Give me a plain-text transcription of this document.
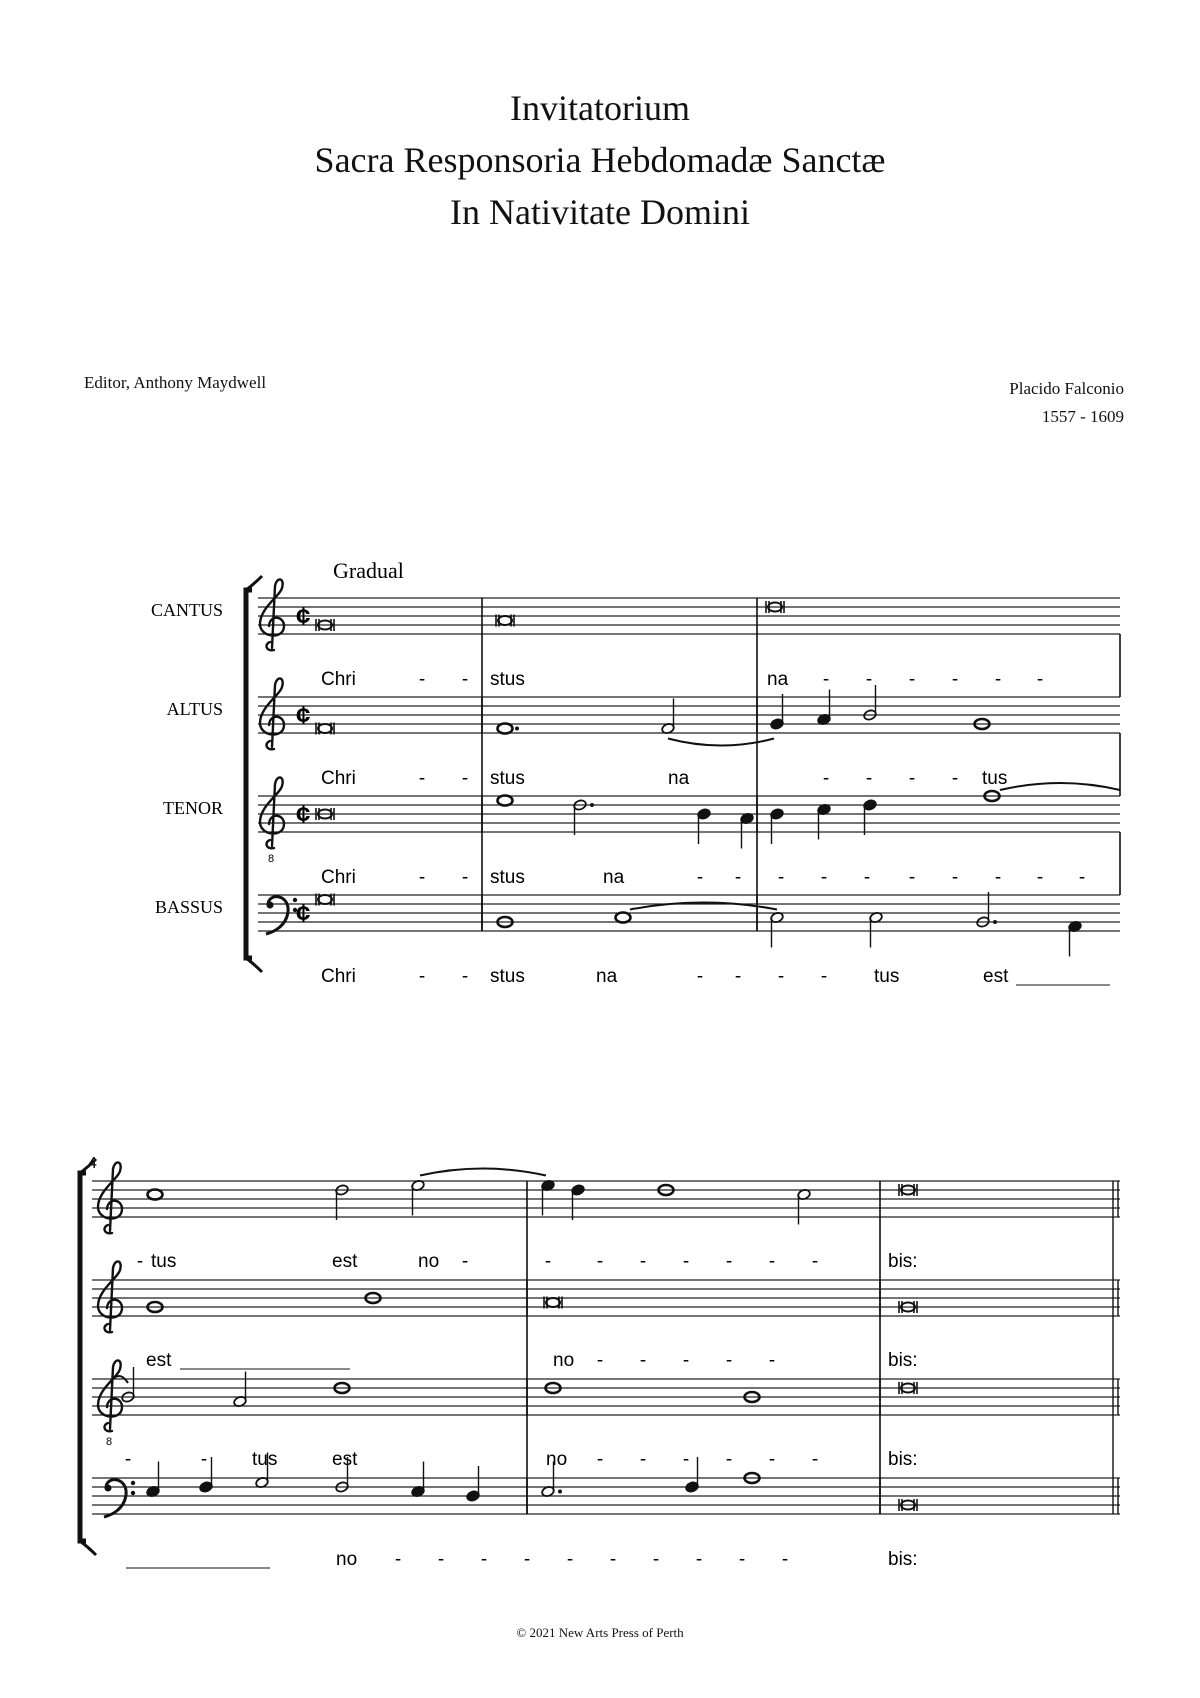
Invitatorium
Sacra Responsoria Hebdomadæ Sanctæ
In Nativitate Domini
Editor, Anthony Maydwell	Placido Falconio
1557 - 1609
Gradual
CANTUS	¢
ALTUS	¢
TENOR
8
¢
BASSUS	¢
Chri	- - stus	na - - - - - -
Chri	- - stus	na	- - - - tus
Chri	- - stus	na	- - - - - - - - - -
Chri	- - stus	na	- - - - tus	est
4
8
- tus	est	no -	- - - - - - -	bis:
est	no - - - - -	bis:
-	- tus	est	no - - - - - -	bis:
no - - - - - - - - - -	bis:
© 2021 New Arts Press of Perth
